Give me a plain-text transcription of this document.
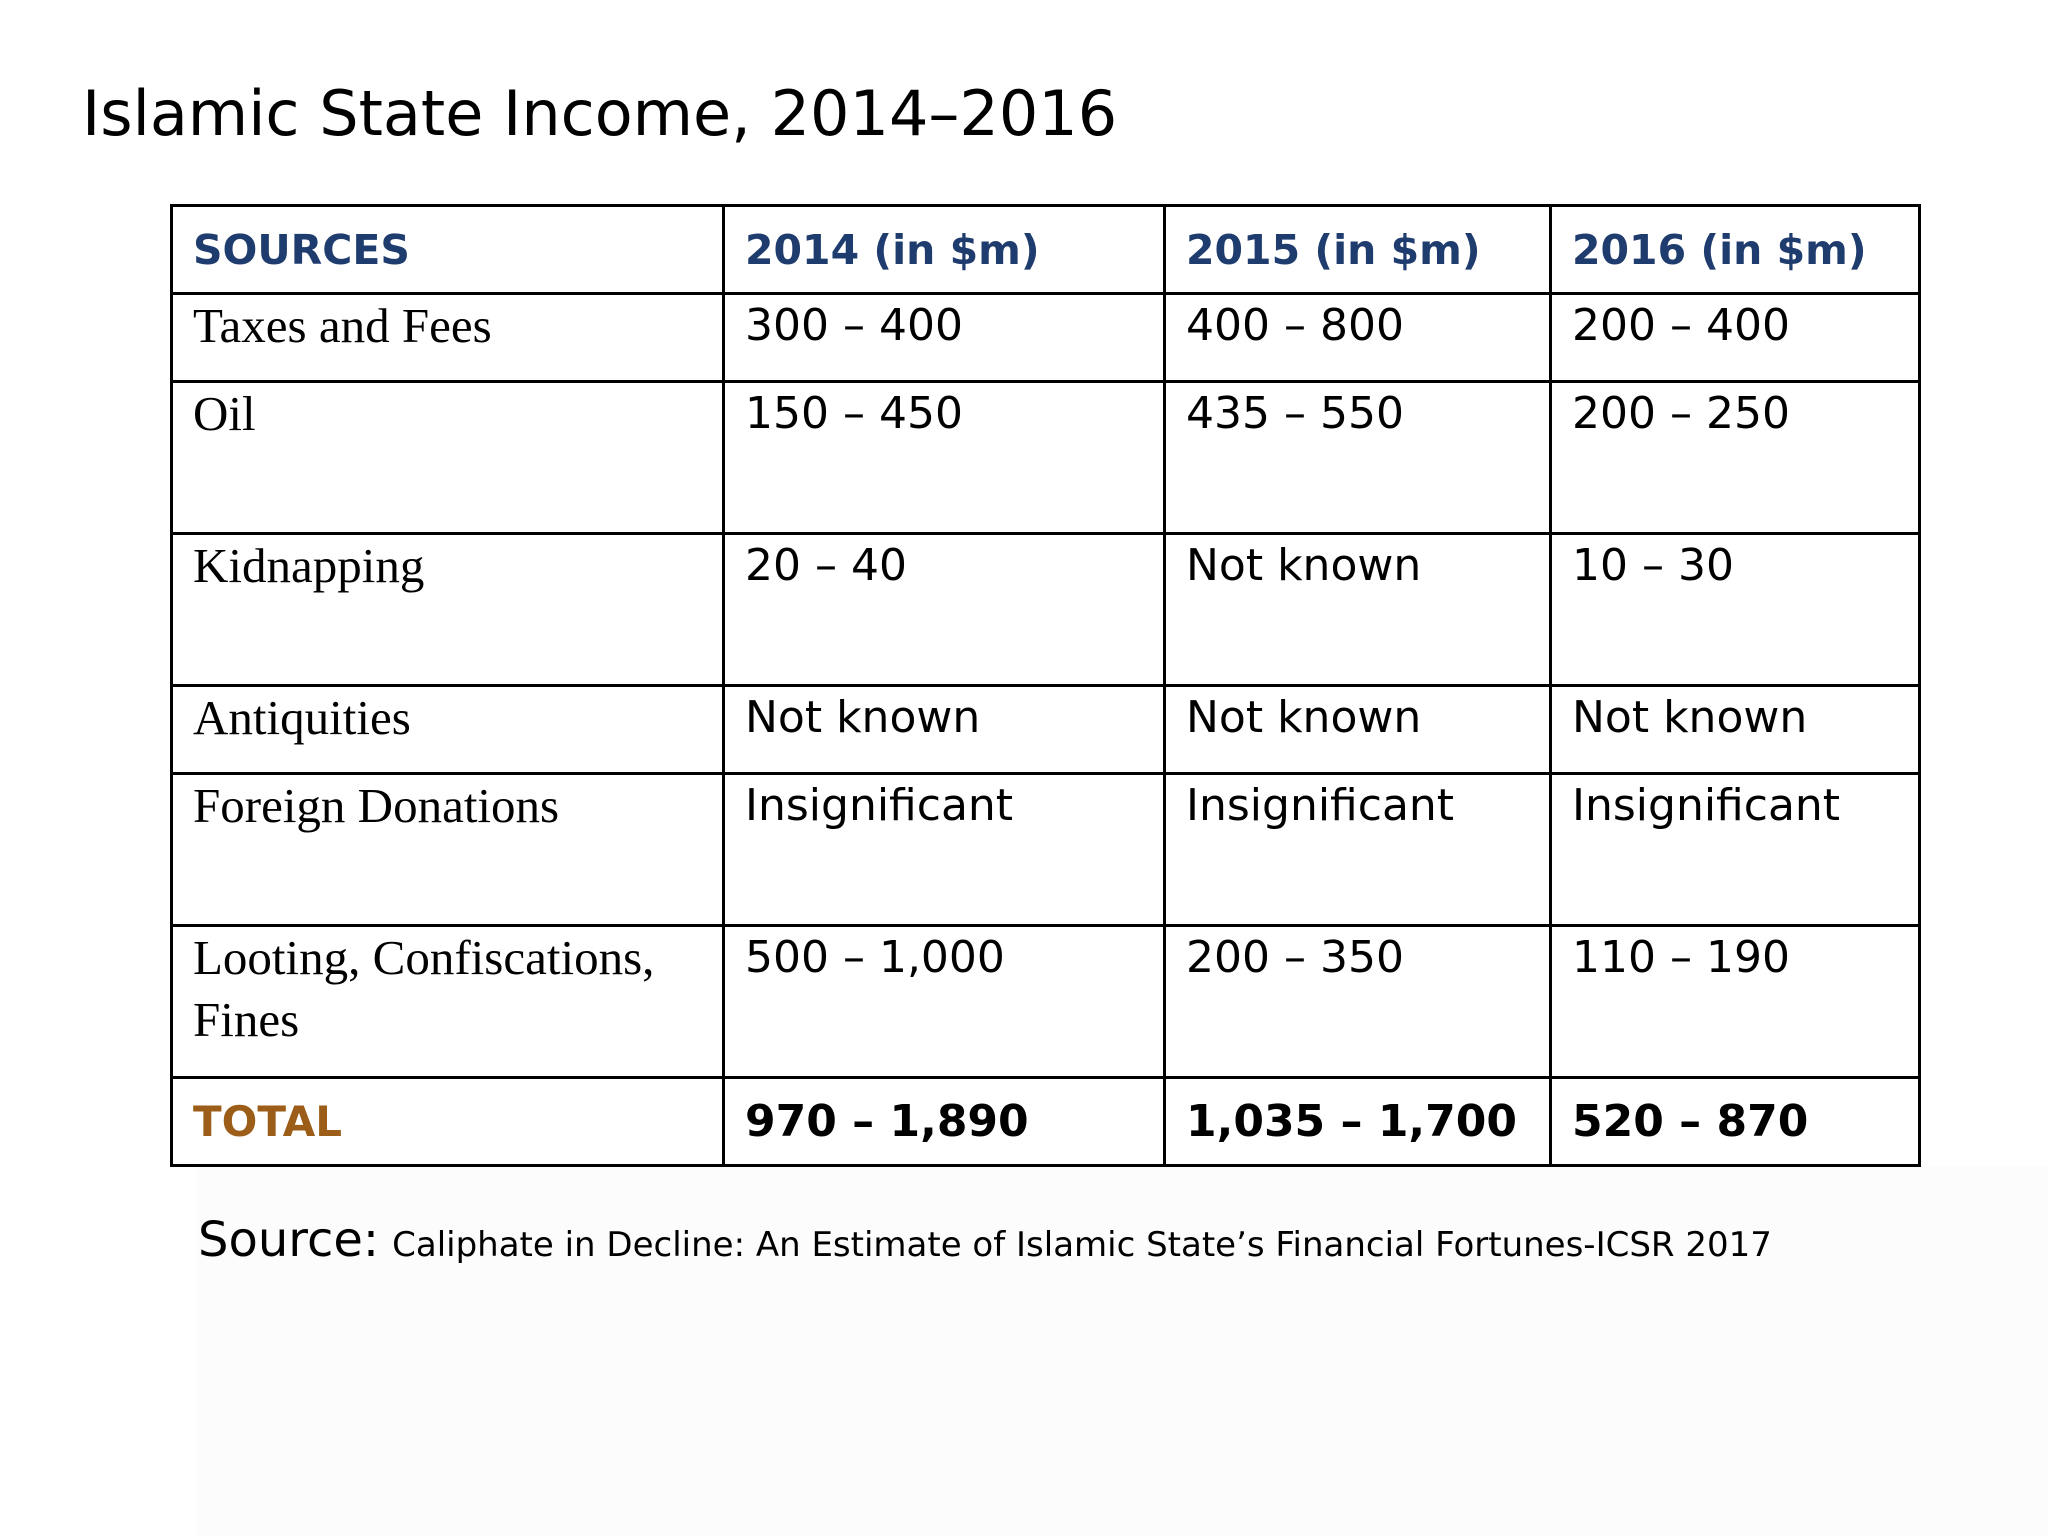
Islamic State Income, 2014–2016
SOURCES	2014 (in $m)	2015 (in $m)	2016 (in $m)
Taxes and Fees	300 – 400	400 – 800	200 – 400
Oil	150 – 450	435 – 550	200 – 250
Kidnapping	20 – 40	Not known	10 – 30
Antiquities	Not known	Not known	Not known
Foreign Donations	Insignificant	Insignificant	Insignificant
Looting, Confiscations, Fines	500 – 1,000	200 – 350	110 – 190
TOTAL	970 – 1,890	1,035 – 1,700	520 – 870
Source: Caliphate in Decline: An Estimate of Islamic State’s Financial Fortunes-ICSR 2017
